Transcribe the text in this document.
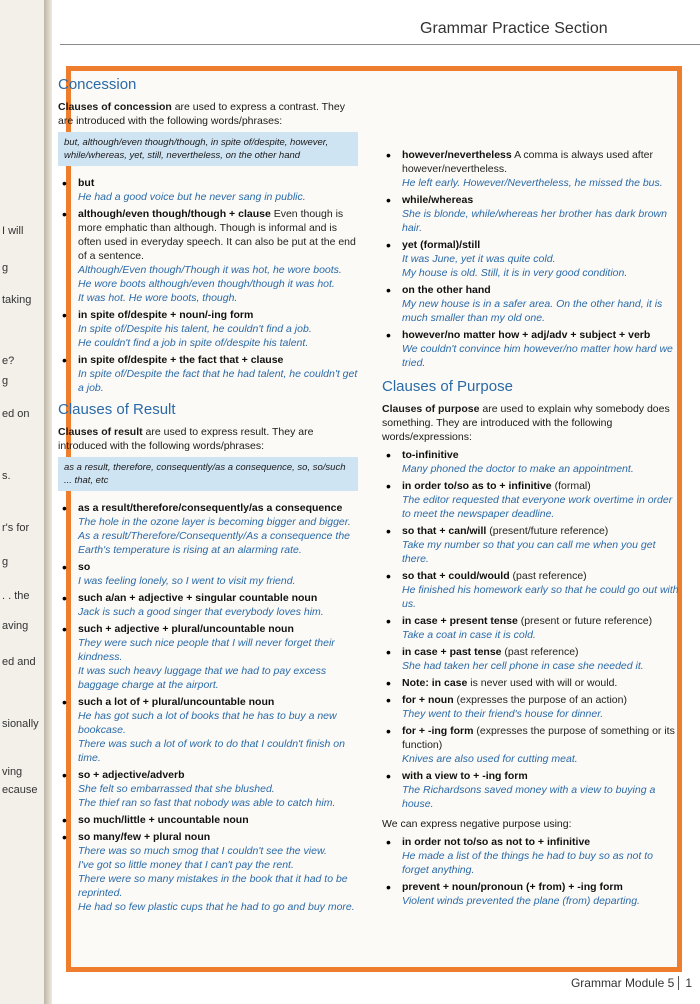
I will
g
taking
e?
g
ed on
s.
r's for
g
. . the
aving
ed and
sionally
ving
ecause
Grammar Practice Section
Concession

Clauses of concession are used to express a contrast. They are introduced with the following words/phrases:

but, although/even though/though, in spite of/despite, however, while/whereas, yet, still, nevertheless, on the other hand
• but
He had a good voice but he never sang in public.
• although/even though/though + clause Even though is more emphatic than although. Though is informal and is often used in everyday speech. It can also be put at the end of a sentence.
Although/Even though/Though it was hot, he wore boots.
He wore boots although/even though/though it was hot.
It was hot. He wore boots, though.
• in spite of/despite + noun/-ing form
In spite of/Despite his talent, he couldn't find a job.
He couldn't find a job in spite of/despite his talent.
• in spite of/despite + the fact that + clause
In spite of/Despite the fact that he had talent, he couldn't get a job.
Clauses of Result

Clauses of result are used to express result. They are introduced with the following words/phrases:

as a result, therefore, consequently/as a consequence, so, so/such ... that, etc
• as a result/therefore/consequently/as a consequence
The hole in the ozone layer is becoming bigger and bigger. As a result/Therefore/Consequently/As a consequence the Earth's temperature is rising at an alarming rate.
• so
I was feeling lonely, so I went to visit my friend.
• such a/an + adjective + singular countable noun
Jack is such a good singer that everybody loves him.
• such + adjective + plural/uncountable noun
They were such nice people that I will never forget their kindness.
It was such heavy luggage that we had to pay excess baggage charge at the airport.
• such a lot of + plural/uncountable noun
He has got such a lot of books that he has to buy a new bookcase.
There was such a lot of work to do that I couldn't finish on time.
• so + adjective/adverb
She felt so embarrassed that she blushed.
The thief ran so fast that nobody was able to catch him.
• so much/little + uncountable noun
• so many/few + plural noun
There was so much smog that I couldn't see the view.
I've got so little money that I can't pay the rent.
There were so many mistakes in the book that it had to be reprinted.
He had so few plastic cups that he had to go and buy more.
• however/nevertheless A comma is always used after however/nevertheless.
He left early. However/Nevertheless, he missed the bus.
• while/whereas
She is blonde, while/whereas her brother has dark brown hair.
• yet (formal)/still
It was June, yet it was quite cold.
My house is old. Still, it is in very good condition.
• on the other hand
My new house is in a safer area. On the other hand, it is much smaller than my old one.
• however/no matter how + adj/adv + subject + verb
We couldn't convince him however/no matter how hard we tried.
Clauses of Purpose

Clauses of purpose are used to explain why somebody does something. They are introduced with the following words/expressions:

• to-infinitive
Many phoned the doctor to make an appointment.
• in order to/so as to + infinitive (formal)
The editor requested that everyone work overtime in order to meet the newspaper deadline.
• so that + can/will (present/future reference)
Take my number so that you can call me when you get there.
• so that + could/would (past reference)
He finished his homework early so that he could go out with us.
• in case + present tense (present or future reference)
Take a coat in case it is cold.
• in case + past tense (past reference)
She had taken her cell phone in case she needed it.
• Note: in case is never used with will or would.
• for + noun (expresses the purpose of an action)
They went to their friend's house for dinner.
• for + -ing form (expresses the purpose of something or its function)
Knives are also used for cutting meat.
• with a view to + -ing form
The Richardsons saved money with a view to buying a house.

We can express negative purpose using:

• in order not to/so as not to + infinitive
He made a list of the things he had to buy so as not to forget anything.
• prevent + noun/pronoun (+ from) + -ing form
Violent winds prevented the plane (from) departing.
Grammar Module 5 1
